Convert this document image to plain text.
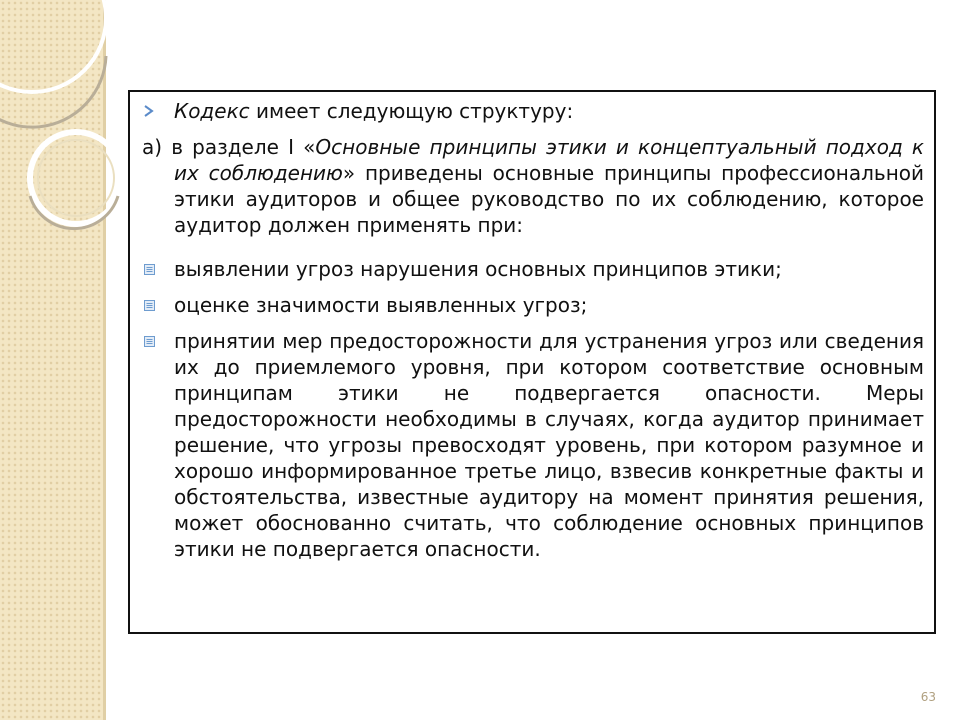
Кодекс имеет следующую структуру:

а) в разделе I «Основные принципы этики и концептуальный подход к их соблюдению» приведены основные принципы профессиональной этики аудиторов и общее руководство по их соблюдению, которое аудитор должен применять при:

выявлении угроз нарушения основных принципов этики;

оценке значимости выявленных угроз;

принятии мер предосторожности для устранения угроз или сведения их до приемлемого уровня, при котором соответствие основным принципам этики не подвергается опасности. Меры предосторожности необходимы в случаях, когда аудитор принимает решение, что угрозы превосходят уровень, при котором разумное и хорошо информированное третье лицо, взвесив конкретные факты и обстоятельства, известные аудитору на момент принятия решения, может обоснованно считать, что соблюдение основных принципов этики не подвергается опасности.

63
